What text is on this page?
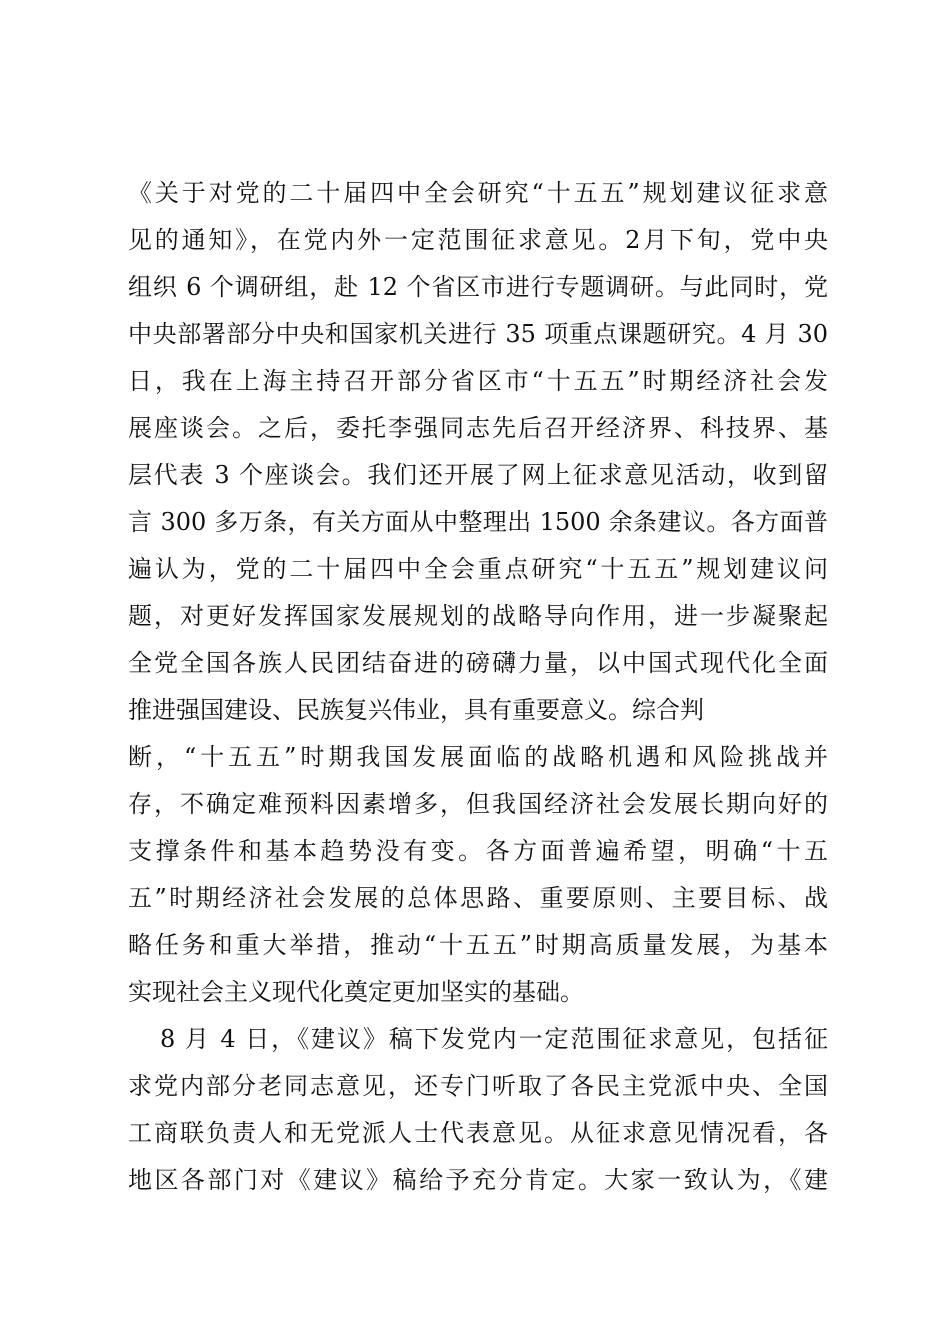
《关于对党的二十届四中全会研究“十五五”规划建议征求意
见的通知》，在党内外一定范围征求意见。2月下旬，党中央
组织 6 个调研组，赴 12 个省区市进行专题调研。与此同时，党
中央部署部分中央和国家机关进行 35 项重点课题研究。4 月 30
日，我在上海主持召开部分省区市“十五五”时期经济社会发
展座谈会。之后，委托李强同志先后召开经济界、科技界、基
层代表 3 个座谈会。我们还开展了网上征求意见活动，收到留
言 300 多万条，有关方面从中整理出 1500 余条建议。各方面普
遍认为，党的二十届四中全会重点研究“十五五”规划建议问
题，对更好发挥国家发展规划的战略导向作用，进一步凝聚起
全党全国各族人民团结奋进的磅礴力量，以中国式现代化全面
推进强国建设、民族复兴伟业，具有重要意义。综合判
断，“十五五”时期我国发展面临的战略机遇和风险挑战并
存，不确定难预料因素增多，但我国经济社会发展长期向好的
支撑条件和基本趋势没有变。各方面普遍希望，明确“十五
五”时期经济社会发展的总体思路、重要原则、主要目标、战
略任务和重大举措，推动“十五五”时期高质量发展，为基本
实现社会主义现代化奠定更加坚实的基础。
8 月 4 日，《建议》稿下发党内一定范围征求意见，包括征
求党内部分老同志意见，还专门听取了各民主党派中央、全国
工商联负责人和无党派人士代表意见。从征求意见情况看，各
地区各部门对《建议》稿给予充分肯定。大家一致认为，《建
